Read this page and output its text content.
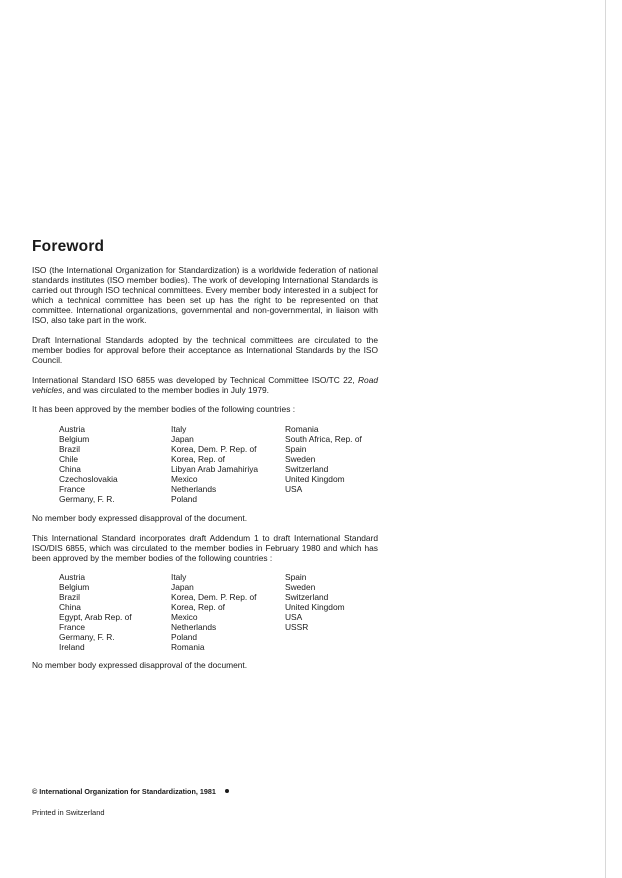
Foreword

ISO (the International Organization for Standardization) is a worldwide federation of national standards institutes (ISO member bodies). The work of developing International Standards is carried out through ISO technical committees. Every member body interested in a subject for which a technical committee has been set up has the right to be represented on that committee. International organizations, governmental and non-governmental, in liaison with ISO, also take part in the work.

Draft International Standards adopted by the technical committees are circulated to the member bodies for approval before their acceptance as International Standards by the ISO Council.

International Standard ISO 6855 was developed by Technical Committee ISO/TC 22, Road vehicles, and was circulated to the member bodies in July 1979.

It has been approved by the member bodies of the following countries :

Austria
Belgium
Brazil
Chile
China
Czechoslovakia
France
Germany, F. R.
Italy
Japan
Korea, Dem. P. Rep. of
Korea, Rep. of
Libyan Arab Jamahiriya
Mexico
Netherlands
Poland
Romania
South Africa, Rep. of
Spain
Sweden
Switzerland
United Kingdom
USA

No member body expressed disapproval of the document.

This International Standard incorporates draft Addendum 1 to draft International Standard ISO/DIS 6855, which was circulated to the member bodies in February 1980 and which has been approved by the member bodies of the following countries :

Austria
Belgium
Brazil
China
Egypt, Arab Rep. of
France
Germany, F. R.
Ireland
Italy
Japan
Korea, Dem. P. Rep. of
Korea, Rep. of
Mexico
Netherlands
Poland
Romania
Spain
Sweden
Switzerland
United Kingdom
USA
USSR

No member body expressed disapproval of the document.

© International Organization for Standardization, 1981
Printed in Switzerland
